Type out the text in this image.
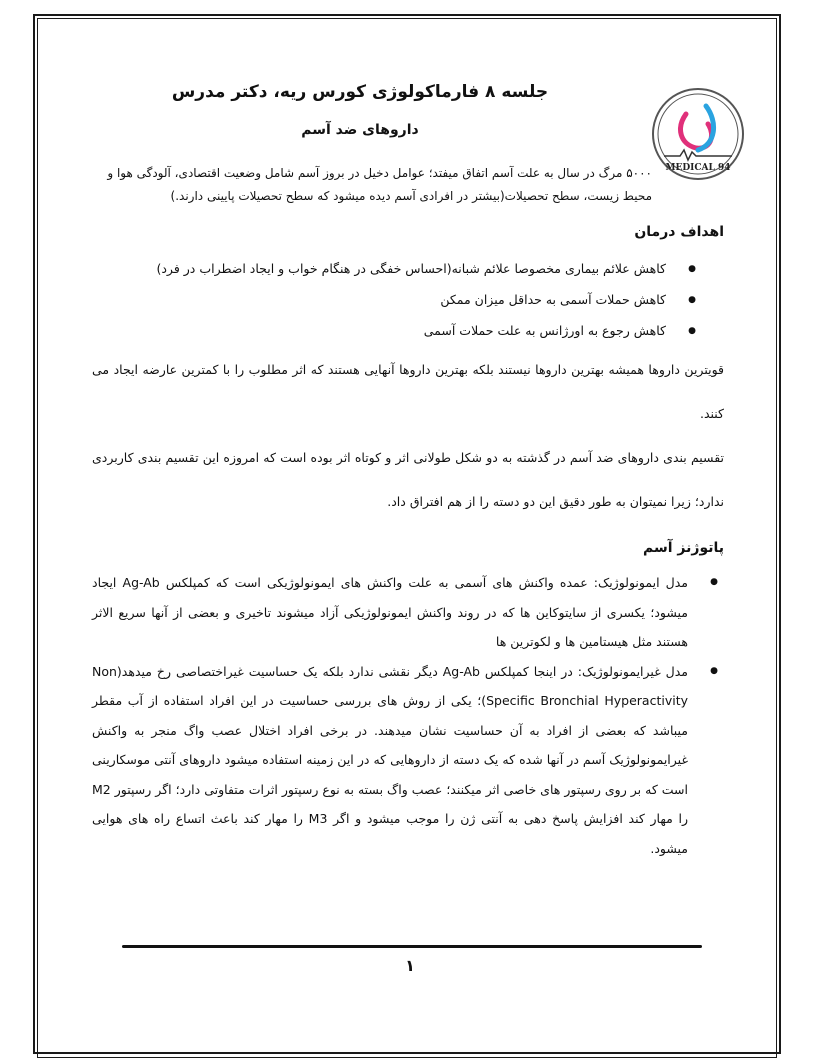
MEDICAL 94
جلسه ۸ فارماکولوژی کورس ریه، دکتر مدرس
داروهای ضد آسم
۵۰۰۰ مرگ در سال به علت آسم اتفاق میفتد؛ عوامل دخیل در بروز آسم شامل وضعیت اقتصادی، آلودگی هوا و محیط زیست، سطح تحصیلات(بیشتر در افرادی آسم دیده میشود که سطح تحصیلات پایینی دارند.)
اهداف درمان
● کاهش علائم بیماری مخصوصا علائم شبانه(احساس خفگی در هنگام خواب و ایجاد اضطراب در فرد)
● کاهش حملات آسمی به حداقل میزان ممکن
● کاهش رجوع به اورژانس به علت حملات آسمی
قویترین داروها همیشه بهترین داروها نیستند بلکه بهترین داروها آنهایی هستند که اثر مطلوب را با کمترین عارضه ایجاد می کنند.
تقسیم بندی داروهای ضد آسم در گذشته به دو شکل طولانی اثر و کوتاه اثر بوده است که امروزه این تقسیم بندی کاربردی ندارد؛ زیرا نمیتوان به طور دقیق این دو دسته را از هم افتراق داد.
پاتوژنز آسم
● مدل ایمونولوژیک: عمده واکنش های آسمی به علت واکنش های ایمونولوژیکی است که کمپلکس Ag-Ab ایجاد میشود؛ یکسری از سایتوکاین ها که در روند واکنش ایمونولوژیکی آزاد میشوند تاخیری و بعضی از آنها سریع الاثر هستند مثل هیستامین ها و لکوترین ها
● مدل غیرایمونولوژیک: در اینجا کمپلکس Ag-Ab دیگر نقشی ندارد بلکه یک حساسیت غیراختصاصی رخ میدهد(Non Specific Bronchial Hyperactivity)؛ یکی از روش های بررسی حساسیت در این افراد استفاده از آب مقطر میباشد که بعضی از افراد به آن حساسیت نشان میدهند. در برخی افراد اختلال عصب واگ منجر به واکنش غیرایمونولوژیک آسم در آنها شده که یک دسته از داروهایی که در این زمینه استفاده میشود داروهای آنتی موسکارینی است که بر روی رسپتور های خاصی اثر میکنند؛ عصب واگ بسته به نوع رسپتور اثرات متفاوتی دارد؛ اگر رسپتور M2 را مهار کند افزایش پاسخ دهی به آنتی ژن را موجب میشود و اگر M3 را مهار کند باعث اتساع راه های هوایی میشود.
۱
